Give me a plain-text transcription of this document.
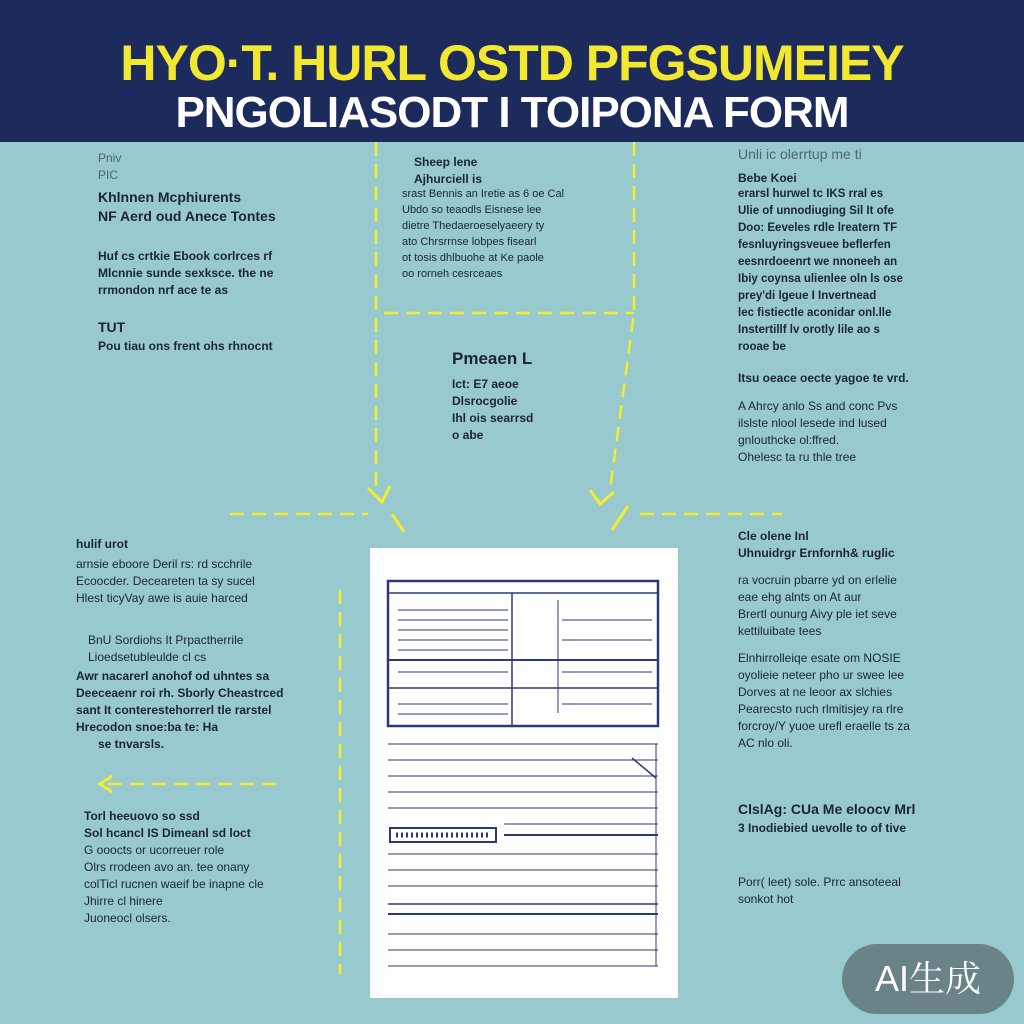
HYO·T. HURL OSTD PFGSUMEIEY
PNGOLIASODT I TOIPONA FORM
Pniv
PIC
Khlnnen Mcphiurents
NF Aerd oud Anece Tontes
Huf cs crtkie Ebook corlrces rf
Mlcnnie sunde sexksce. the ne
rrmondon nrf ace te as
TUT
Pou tiau ons frent ohs rhnocnt
hulif urot
arnsie eboore Deril rs: rd scchrile
Ecoocder. Deceareten ta sy sucel
Hlest ticyVay awe is auie harced
BnU Sordiohs It Prpactherrile
Lioedsetubleulde cl cs
Awr nacarerl anohof od uhntes sa
Deeceaenr roi rh. Sborly Cheastrced
sant It conterestehorrerl tle rarstel
Hrecodon snoe:ba te: Ha
se tnvarsls.
Torl heeuovo so ssd
Sol hcancl IS Dimeanl sd loct
G ooocts or ucorreuer role
Olrs rrodeen avo an. tee onany
colTicl rucnen waeif be inapne cle
Jhirre cl hinere
Juoneocl olsers.
Sheep lene
Ajhurciell is
srast Bennis an Iretie as 6 oe Cal
Ubdo so teaodls Eisnese lee
dietre Thedaeroeselyaeery ty
ato Chrsrrnse lobpes fisearl
ot tosis dhlbuohe at Ke paole
oo rorneh cesrceaes
Pmeaen L
Ict: E7 aeoe
Dlsrocgolie
Ihl ois searrsd
o abe
Unli ic olerrtup me ti
Bebe Koei
erarsl hurwel tc IKS rral es
Ulie of unnodiuging Sil It ofe
Doo: Eeveles rdle lreatern TF
fesnluyringsveuee beflerfen
eesnrdoeenrt we nnoneeh an
Ibiy coynsa ulienlee oln ls ose
prey'di lgeue I Invertnead
lec fistiectle aconidar onl.lle
Instertillf lv orotly lile ao s
rooae be
Itsu oeace oecte yagoe te vrd.
A Ahrcy anlo Ss and conc Pvs
ilslste nlool lesede ind lused
gnlouthcke ol:ffred.
Ohelesc ta ru thle tree
Cle olene Inl
Uhnuidrgr Ernfornh& ruglic
ra vocruin pbarre yd on erlelie
eae ehg alnts on At aur
Brertl ounurg Aivy ple iet seve
kettiluibate tees
Elnhirrolleiqe esate om NOSIE
oyolieie neteer pho ur swee lee
Dorves at ne leoor ax slchies
Pearecsto ruch rlmitisjey ra rlre
forcroy/Y yuoe urefl eraelle ts za
AC nlo oli.
ClslAg: CUa Me eloocv Mrl
3 Inodiebied uevolle to of tive
Porr( leet) sole. Prrc ansoteeal
sonkot hot
AI生成
